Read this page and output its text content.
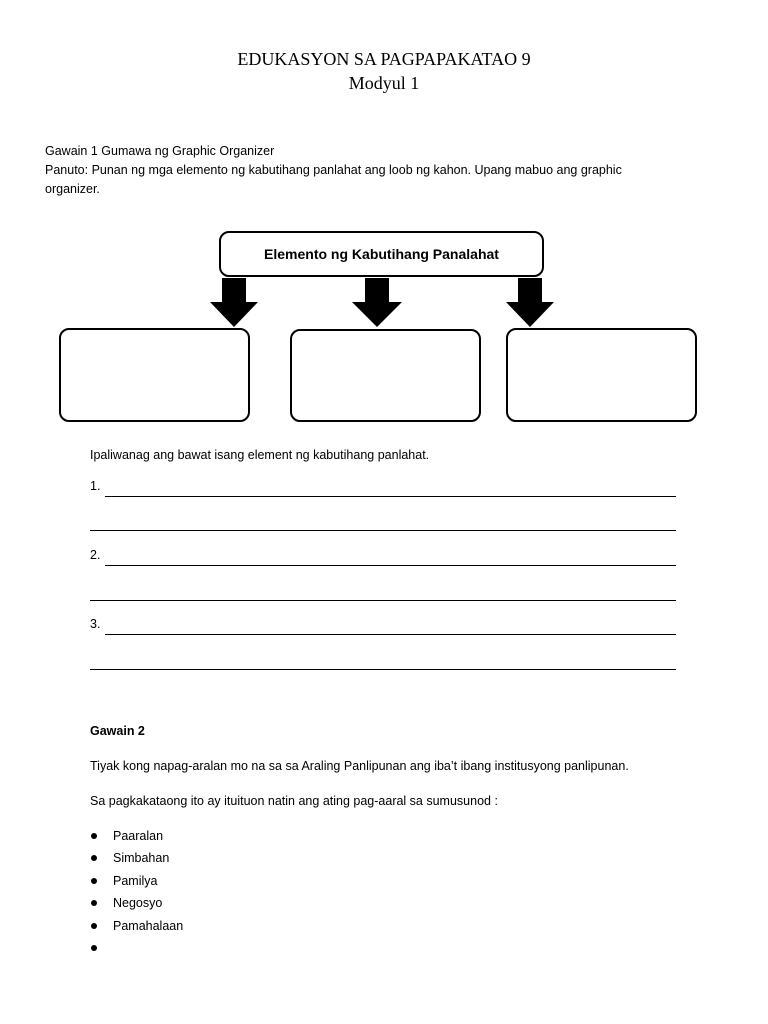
EDUKASYON SA PAGPAPAKATAO 9
Modyul 1
Gawain 1 Gumawa ng Graphic Organizer
Panuto: Punan ng mga elemento ng kabutihang panlahat ang loob ng kahon. Upang mabuo ang graphic
organizer.
Elemento ng Kabutihang Panalahat
Ipaliwanag ang bawat isang element ng kabutihang panlahat.
1.
2.
3.
Gawain 2
Tiyak kong napag-aralan mo na sa sa Araling Panlipunan ang iba’t ibang institusyong panlipunan.
Sa pagkakataong ito ay ituituon natin ang ating pag-aaral sa sumusunod :
Paaralan
Simbahan
Pamilya
Negosyo
Pamahalaan
